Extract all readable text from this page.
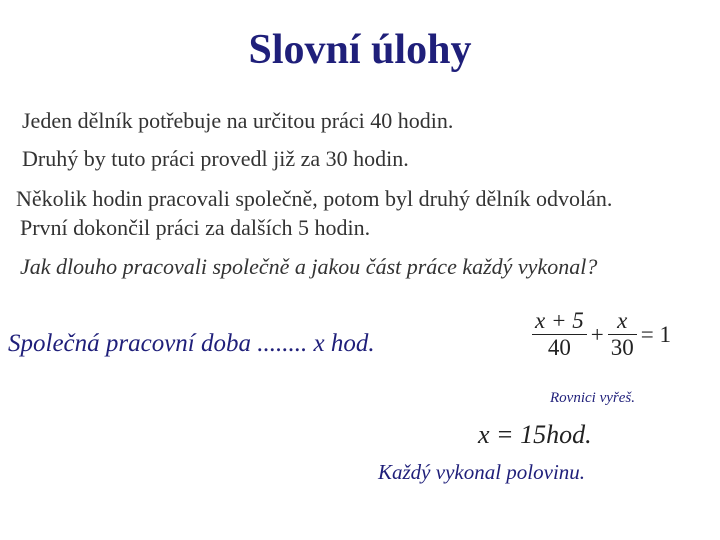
Slovní úlohy
Jeden dělník potřebuje na určitou práci 40 hodin.
Druhý by tuto práci provedl již za 30 hodin.
Několik hodin pracovali společně, potom byl druhý dělník odvolán.
První dokončil práci za dalších 5 hodin.
Jak dlouho pracovali společně a jakou část práce každý vykonal?
Společná pracovní doba ........ x hod.	$\frac{x + 5}{40} + \frac{x}{30} = 1$
Rovnici vyřeš.
x = 15hod.
Každý vykonal polovinu.
